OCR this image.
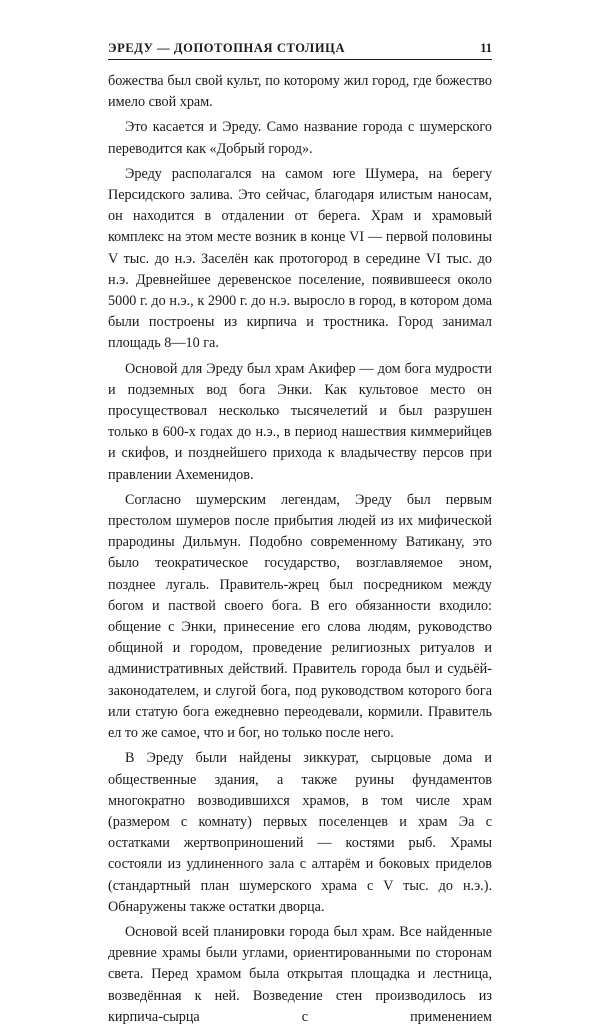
ЭРЕДУ — ДОПОТОПНАЯ СТОЛИЦА	11

божества был свой культ, по которому жил город, где божество имело свой храм.

Это касается и Эреду. Само название города с шумерского переводится как «Добрый город».

Эреду располагался на самом юге Шумера, на берегу Персидского залива. Это сейчас, благодаря илистым наносам, он находится в отдалении от берега. Храм и храмовый комплекс на этом месте возник в конце VI — первой половины V тыс. до н.э. Заселён как протогород в середине VI тыс. до н.э. Древнейшее деревенское поселение, появившееся около 5000 г. до н.э., к 2900 г. до н.э. выросло в город, в котором дома были построены из кирпича и тростника. Город занимал площадь 8—10 га.

Основой для Эреду был храм Акифер — дом бога мудрости и подземных вод бога Энки. Как культовое место он просуществовал несколько тысячелетий и был разрушен только в 600-х годах до н.э., в период нашествия киммерийцев и скифов, и позднейшего прихода к владычеству персов при правлении Ахеменидов.

Согласно шумерским легендам, Эреду был первым престолом шумеров после прибытия людей из их мифической прародины Дильмун. Подобно современному Ватикану, это было теократическое государство, возглавляемое эном, позднее лугаль. Правитель-жрец был посредником между богом и паствой своего бога. В его обязанности входило: общение с Энки, принесение его слова людям, руководство общиной и городом, проведение религиозных ритуалов и административных действий. Правитель города был и судьёй-законодателем, и слугой бога, под руководством которого бога или статую бога ежедневно переодевали, кормили. Правитель ел то же самое, что и бог, но только после него.

В Эреду были найдены зиккурат, сырцовые дома и общественные здания, а также руины фундаментов многократно возводившихся храмов, в том числе храм (размером с комнату) первых поселенцев и храм Эа с остатками жертвоприношений — костями рыб. Храмы состояли из удлиненного зала с алтарём и боковых приделов (стандартный план шумерского храма с V тыс. до н.э.). Обнаружены также остатки дворца.

Основой всей планировки города был храм. Все найденные древние храмы были углами, ориентированными по сторонам света. Перед храмом была открытая площадка и лестница, возведённая к ней. Возведение стен производилось из кирпича-сырца с применением
